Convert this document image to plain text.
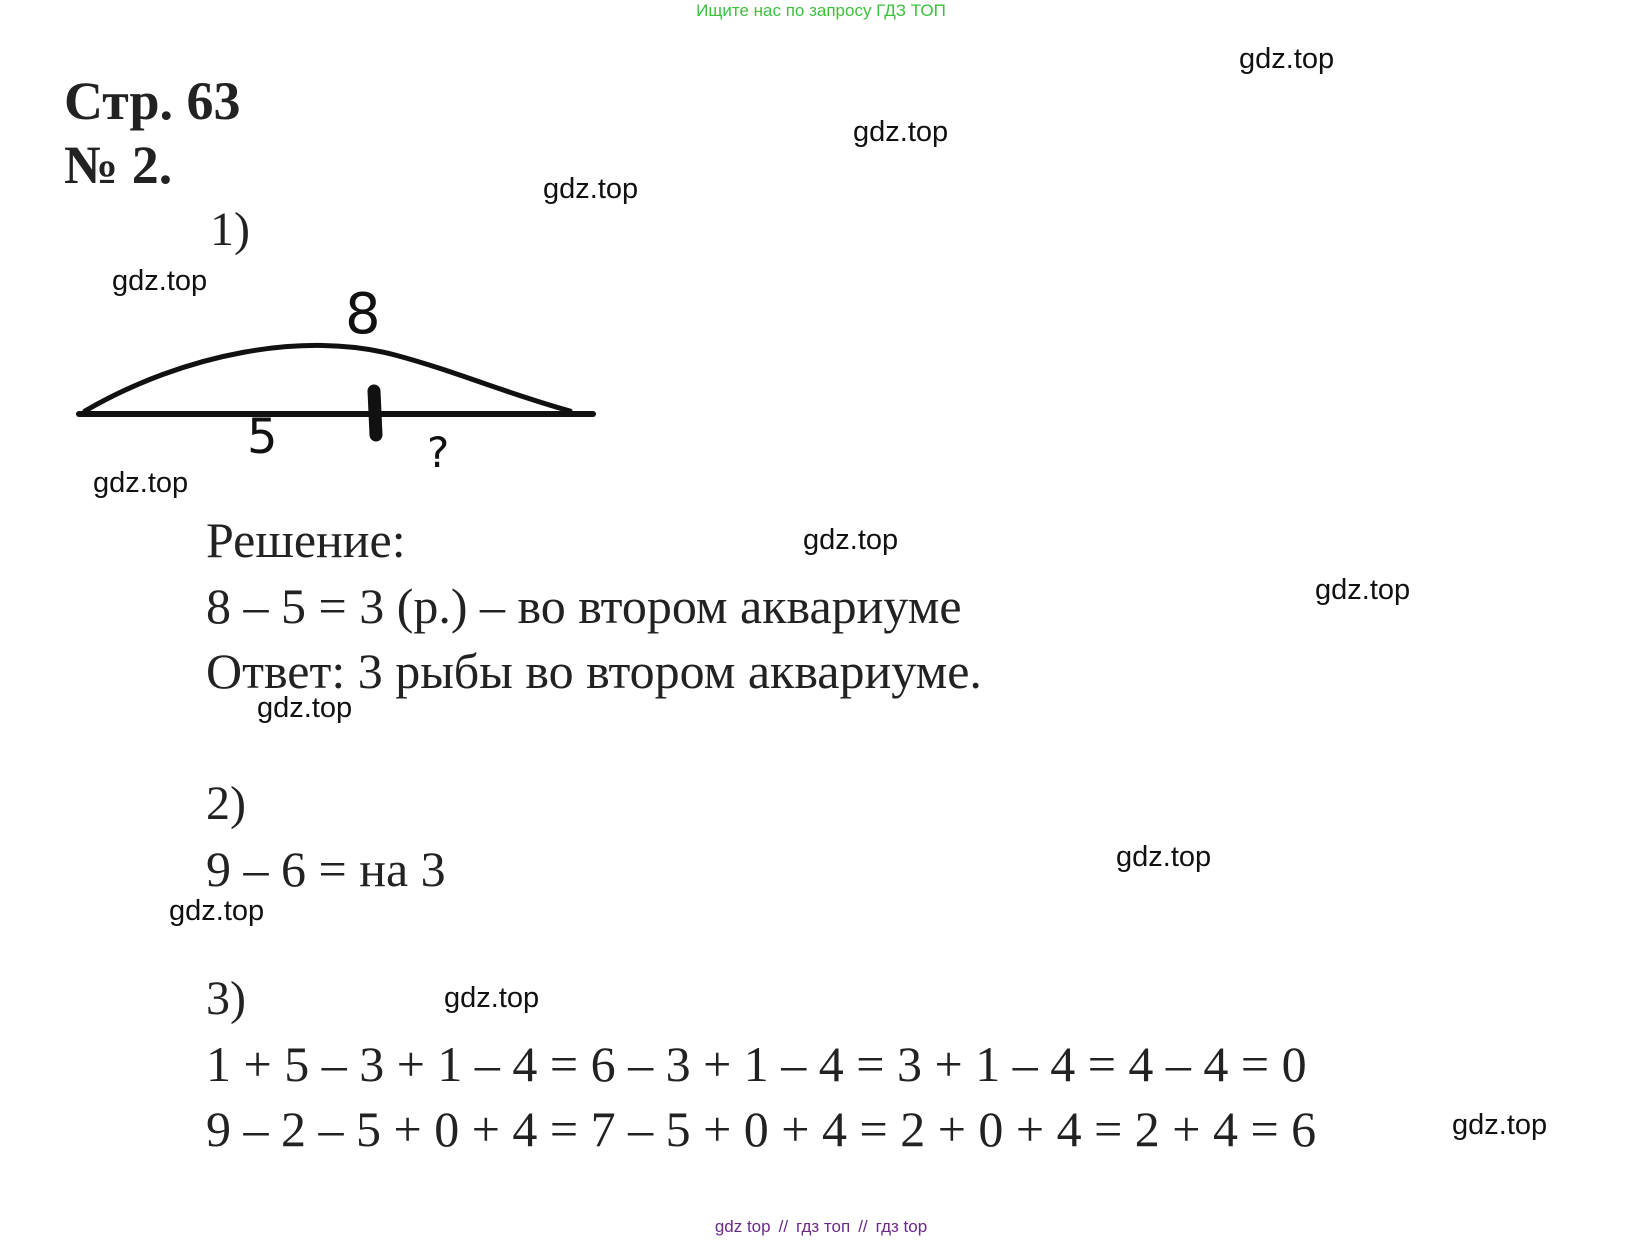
Ищите нас по запросу ГДЗ ТОП
Стр. 63
№ 2.
1)
8
5	?
Решение:
8 – 5 = 3 (р.) – во втором аквариуме
Ответ: 3 рыбы во втором аквариуме.
2)
9 – 6 = на 3
3)
1 + 5 – 3 + 1 – 4 = 6 – 3 + 1 – 4 = 3 + 1 – 4 = 4 – 4 = 0
9 – 2 – 5 + 0 + 4 = 7 – 5 + 0 + 4 = 2 + 0 + 4 = 2 + 4 = 6
gdz.top
gdz.top
gdz.top
gdz.top
gdz.top
gdz.top
gdz.top
gdz.top
gdz.top
gdz.top
gdz.top
gdz.top
gdz top // гдз топ // гдз top
